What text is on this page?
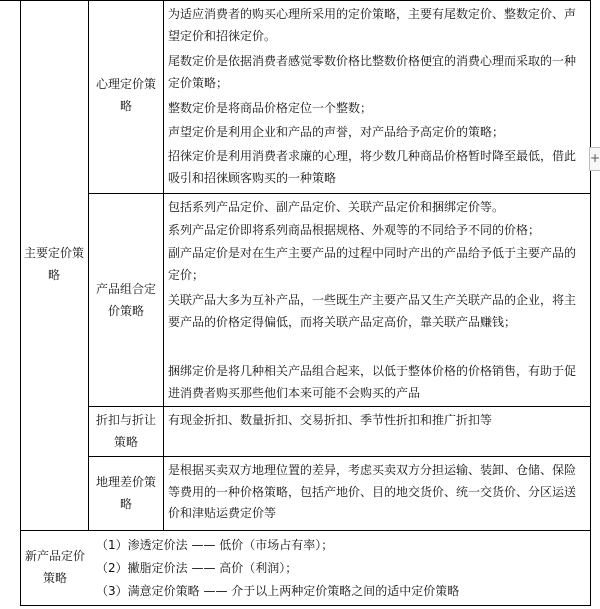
主要定价策略
心理定价策略
为适应消费者的购买心理所采用的定价策略，主要有尾数定价、整数定价、声望定价和招徕定价。
尾数定价是依据消费者感觉零数价格比整数价格便宜的消费心理而采取的一种定价策略；
整数定价是将商品价格定位一个整数；
声望定价是利用企业和产品的声誉，对产品给予高定价的策略；
招徕定价是利用消费者求廉的心理，将少数几种商品价格暂时降至最低，借此吸引和招徕顾客购买的一种策略
产品组合定价策略
包括系列产品定价、副产品定价、关联产品定价和捆绑定价等。
系列产品定价即将系列商品根据规格、外观等的不同给予不同的价格；
副产品定价是对在生产主要产品的过程中同时产出的产品给予低于主要产品的定价；
关联产品大多为互补产品，一些既生产主要产品又生产关联产品的企业，将主要产品的价格定得偏低，而将关联产品定高价，靠关联产品赚钱；
捆绑定价是将几种相关产品组合起来，以低于整体价格的价格销售，有助于促进消费者购买那些他们本来可能不会购买的产品
折扣与折让策略
有现金折扣、数量折扣、交易折扣、季节性折扣和推广折扣等
地理差价策略
是根据买卖双方地理位置的差异，考虑买卖双方分担运输、装卸、仓储、保险等费用的一种价格策略，包括产地价、目的地交货价、统一交货价、分区运送价和津贴运费定价等
新产品定价策略
（1）渗透定价法 —— 低价（市场占有率）；
（2）撇脂定价法 —— 高价（利润）；
（3）满意定价策略 —— 介于以上两种定价策略之间的适中定价策略
+
